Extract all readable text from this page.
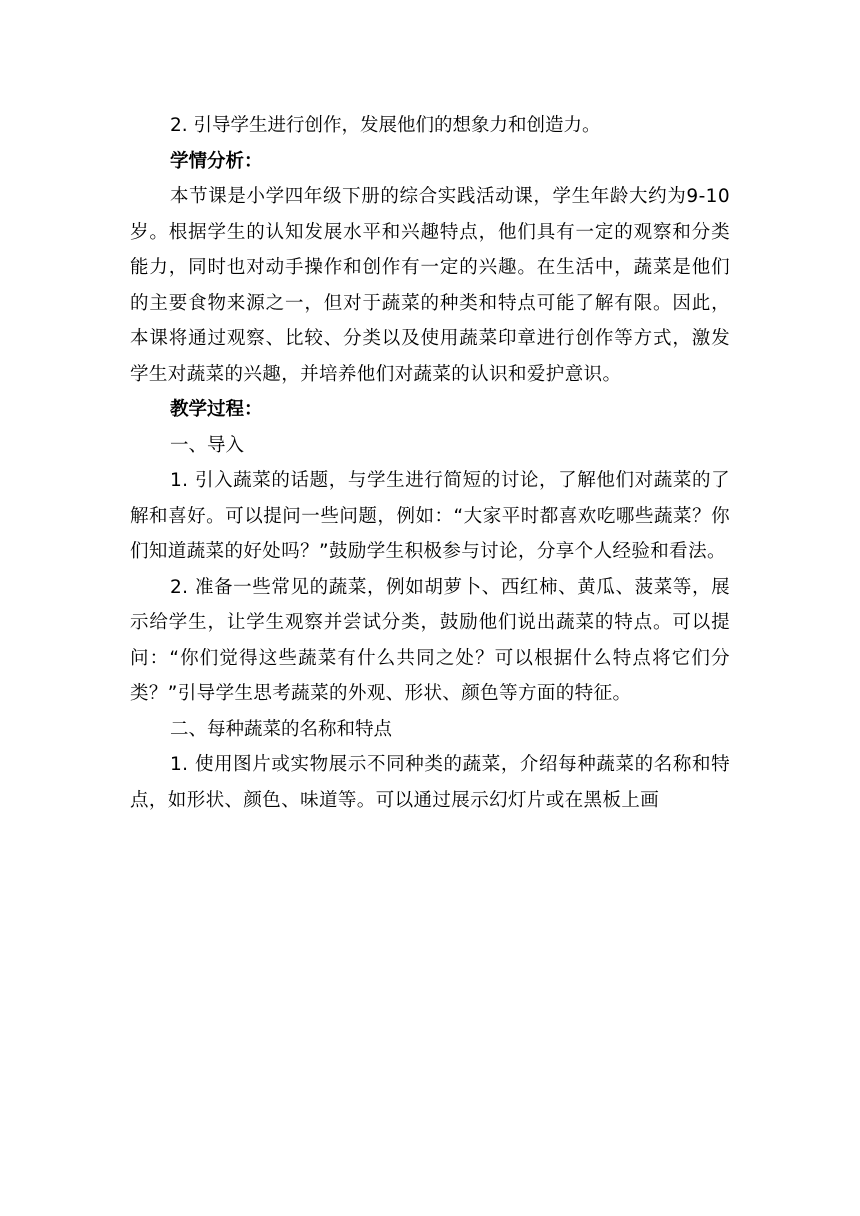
2. 引导学生进行创作，发展他们的想象力和创造力。

学情分析：

本节课是小学四年级下册的综合实践活动课，学生年龄大约为9-10岁。根据学生的认知发展水平和兴趣特点，他们具有一定的观察和分类能力，同时也对动手操作和创作有一定的兴趣。在生活中，蔬菜是他们的主要食物来源之一，但对于蔬菜的种类和特点可能了解有限。因此，本课将通过观察、比较、分类以及使用蔬菜印章进行创作等方式，激发学生对蔬菜的兴趣，并培养他们对蔬菜的认识和爱护意识。

教学过程：

一、导入

1. 引入蔬菜的话题，与学生进行简短的讨论，了解他们对蔬菜的了解和喜好。可以提问一些问题，例如：“大家平时都喜欢吃哪些蔬菜？你们知道蔬菜的好处吗？”鼓励学生积极参与讨论，分享个人经验和看法。

2. 准备一些常见的蔬菜，例如胡萝卜、西红柿、黄瓜、菠菜等，展示给学生，让学生观察并尝试分类，鼓励他们说出蔬菜的特点。可以提问：“你们觉得这些蔬菜有什么共同之处？可以根据什么特点将它们分类？”引导学生思考蔬菜的外观、形状、颜色等方面的特征。

二、每种蔬菜的名称和特点

1. 使用图片或实物展示不同种类的蔬菜，介绍每种蔬菜的名称和特点，如形状、颜色、味道等。可以通过展示幻灯片或在黑板上画
